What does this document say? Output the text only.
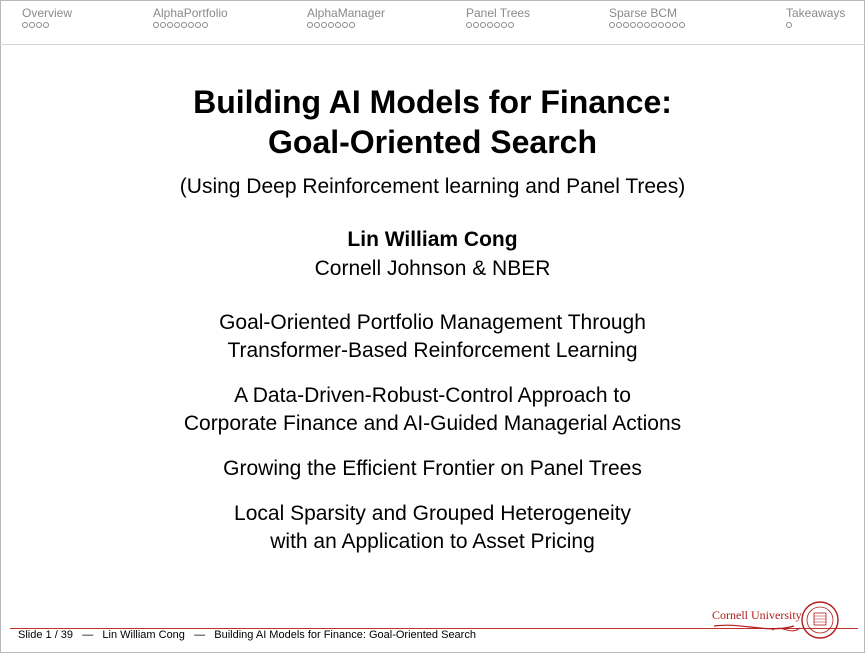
Overview	AlphaPortfolio	AlphaManager	Panel Trees	Sparse BCM	Takeaways
Building AI Models for Finance:
Goal-Oriented Search
(Using Deep Reinforcement learning and Panel Trees)
Lin William Cong
Cornell Johnson & NBER
Goal-Oriented Portfolio Management Through
Transformer-Based Reinforcement Learning
A Data-Driven-Robust-Control Approach to
Corporate Finance and AI-Guided Managerial Actions
Growing the Efficient Frontier on Panel Trees
Local Sparsity and Grouped Heterogeneity
with an Application to Asset Pricing
Slide 1 / 39 — Lin William Cong — Building AI Models for Finance: Goal-Oriented Search
Cornell University
